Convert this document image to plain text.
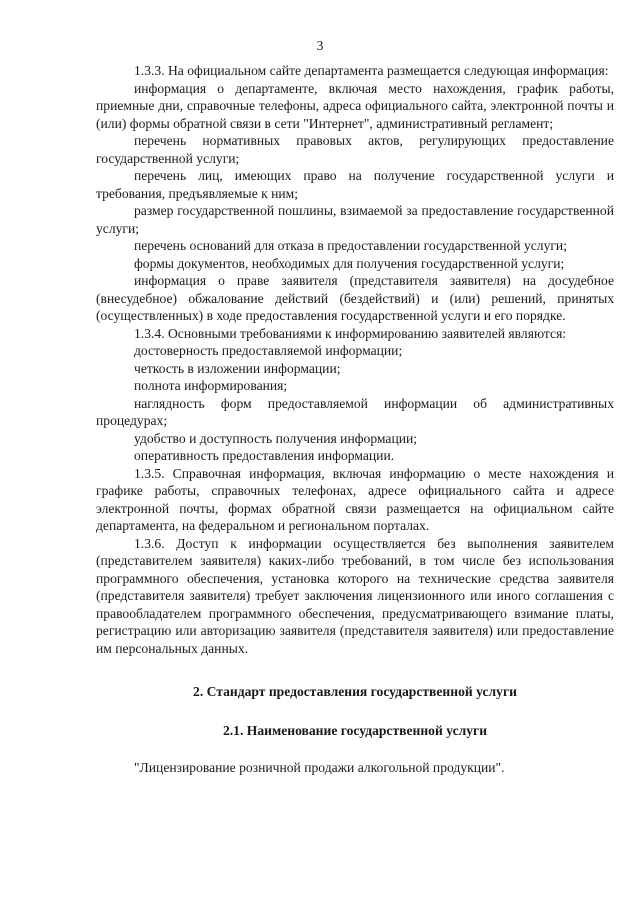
3

1.3.3. На официальном сайте департамента размещается следующая информация:

информация о департаменте, включая место нахождения, график работы, приемные дни, справочные телефоны, адреса официального сайта, электронной почты и (или) формы обратной связи в сети "Интернет", административный регламент;

перечень нормативных правовых актов, регулирующих предоставление государственной услуги;

перечень лиц, имеющих право на получение государственной услуги и требования, предъявляемые к ним;

размер государственной пошлины, взимаемой за предоставление государственной услуги;

перечень оснований для отказа в предоставлении государственной услуги;

формы документов, необходимых для получения государственной услуги;

информация о праве заявителя (представителя заявителя) на досудебное (внесудебное) обжалование действий (бездействий) и (или) решений, принятых (осуществленных) в ходе предоставления государственной услуги и его порядке.

1.3.4. Основными требованиями к информированию заявителей являются:

достоверность предоставляемой информации;

четкость в изложении информации;

полнота информирования;

наглядность форм предоставляемой информации об административных процедурах;

удобство и доступность получения информации;

оперативность предоставления информации.

1.3.5. Справочная информация, включая информацию о месте нахождения и графике работы, справочных телефонах, адресе официального сайта и адресе электронной почты, формах обратной связи размещается на официальном сайте департамента, на федеральном и региональном порталах.

1.3.6. Доступ к информации осуществляется без выполнения заявителем (представителем заявителя) каких-либо требований, в том числе без использования программного обеспечения, установка которого на технические средства заявителя (представителя заявителя) требует заключения лицензионного или иного соглашения с правообладателем программного обеспечения, предусматривающего взимание платы, регистрацию или авторизацию заявителя (представителя заявителя) или предоставление им персональных данных.

2. Стандарт предоставления государственной услуги

2.1. Наименование государственной услуги

"Лицензирование розничной продажи алкогольной продукции".
